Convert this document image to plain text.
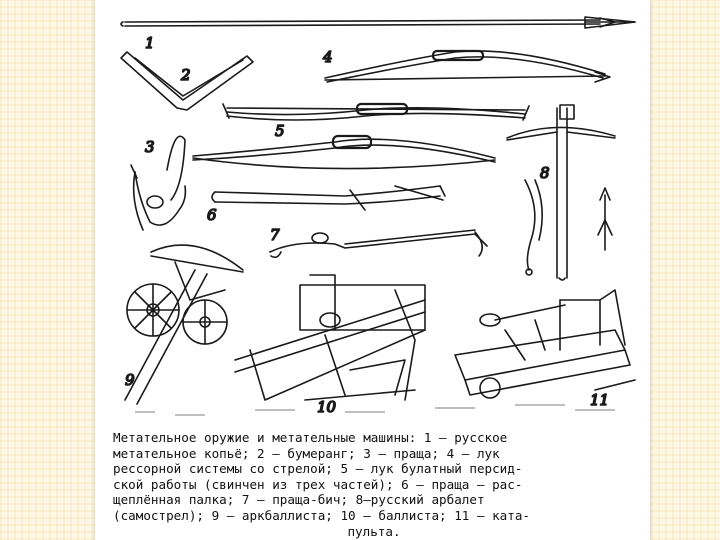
1
2
4
5
3
6
7
8
9
10	11
Метательное оружие и метательные машины: 1 — русское
метательное копьё; 2 — бумеранг; 3 — праща; 4 — лук
рессорной системы со стрелой; 5 — лук булатный персид-
ской работы (свинчен из трех частей); 6 — праща — рас-
щеплённая палка; 7 — праща-бич; 8—русский арбалет
(самострел); 9 — аркбаллиста; 10 — баллиста; 11 — ката-
пульта.
